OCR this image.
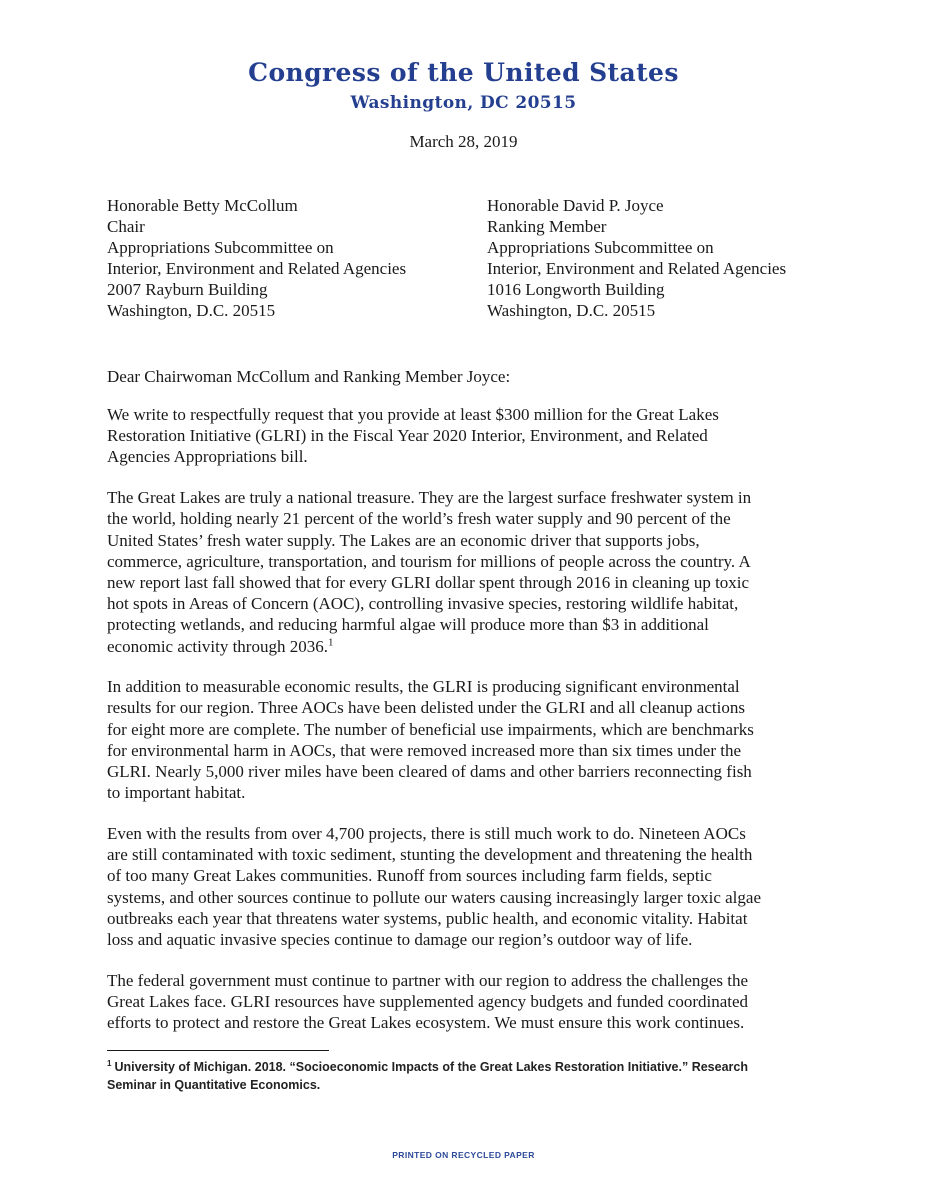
Congress of the United States
Washington, DC 20515
March 28, 2019
Honorable Betty McCollum
Chair
Appropriations Subcommittee on
Interior, Environment and Related Agencies
2007 Rayburn Building
Washington, D.C. 20515
Honorable David P. Joyce
Ranking Member
Appropriations Subcommittee on
Interior, Environment and Related Agencies
1016 Longworth Building
Washington, D.C. 20515
Dear Chairwoman McCollum and Ranking Member Joyce:

We write to respectfully request that you provide at least $300 million for the Great Lakes
Restoration Initiative (GLRI) in the Fiscal Year 2020 Interior, Environment, and Related
Agencies Appropriations bill.

The Great Lakes are truly a national treasure. They are the largest surface freshwater system in
the world, holding nearly 21 percent of the world’s fresh water supply and 90 percent of the
United States’ fresh water supply. The Lakes are an economic driver that supports jobs,
commerce, agriculture, transportation, and tourism for millions of people across the country. A
new report last fall showed that for every GLRI dollar spent through 2016 in cleaning up toxic
hot spots in Areas of Concern (AOC), controlling invasive species, restoring wildlife habitat,
protecting wetlands, and reducing harmful algae will produce more than $3 in additional
economic activity through 2036.$^1$

In addition to measurable economic results, the GLRI is producing significant environmental
results for our region. Three AOCs have been delisted under the GLRI and all cleanup actions
for eight more are complete. The number of beneficial use impairments, which are benchmarks
for environmental harm in AOCs, that were removed increased more than six times under the
GLRI. Nearly 5,000 river miles have been cleared of dams and other barriers reconnecting fish
to important habitat.

Even with the results from over 4,700 projects, there is still much work to do. Nineteen AOCs
are still contaminated with toxic sediment, stunting the development and threatening the health
of too many Great Lakes communities. Runoff from sources including farm fields, septic
systems, and other sources continue to pollute our waters causing increasingly larger toxic algae
outbreaks each year that threatens water systems, public health, and economic vitality. Habitat
loss and aquatic invasive species continue to damage our region’s outdoor way of life.

The federal government must continue to partner with our region to address the challenges the
Great Lakes face. GLRI resources have supplemented agency budgets and funded coordinated
efforts to protect and restore the Great Lakes ecosystem. We must ensure this work continues.

$^1$ University of Michigan. 2018. “Socioeconomic Impacts of the Great Lakes Restoration Initiative.” Research
Seminar in Quantitative Economics.
PRINTED ON RECYCLED PAPER
